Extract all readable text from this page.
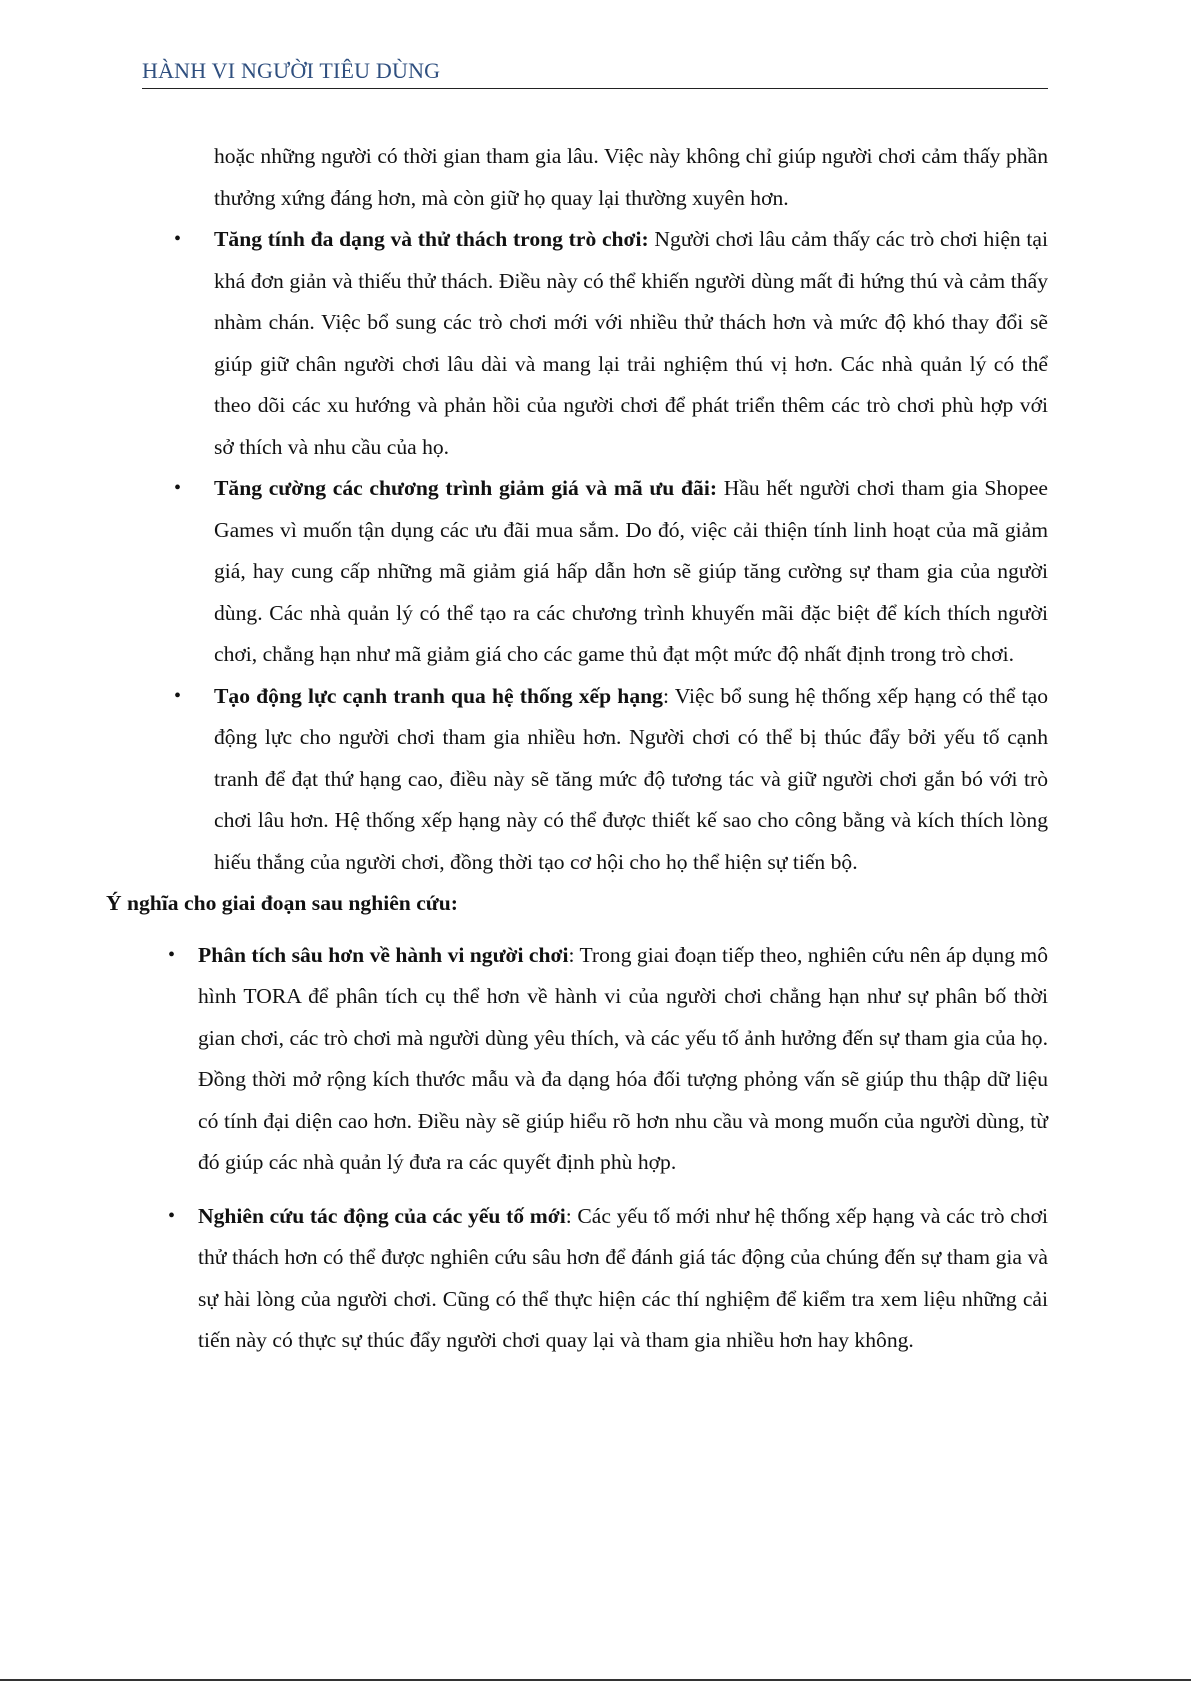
HÀNH VI NGƯỜI TIÊU DÙNG

hoặc những người có thời gian tham gia lâu. Việc này không chỉ giúp người chơi cảm thấy phần thưởng xứng đáng hơn, mà còn giữ họ quay lại thường xuyên hơn.

• Tăng tính đa dạng và thử thách trong trò chơi: Người chơi lâu cảm thấy các trò chơi hiện tại khá đơn giản và thiếu thử thách. Điều này có thể khiến người dùng mất đi hứng thú và cảm thấy nhàm chán. Việc bổ sung các trò chơi mới với nhiều thử thách hơn và mức độ khó thay đổi sẽ giúp giữ chân người chơi lâu dài và mang lại trải nghiệm thú vị hơn. Các nhà quản lý có thể theo dõi các xu hướng và phản hồi của người chơi để phát triển thêm các trò chơi phù hợp với sở thích và nhu cầu của họ.
• Tăng cường các chương trình giảm giá và mã ưu đãi: Hầu hết người chơi tham gia Shopee Games vì muốn tận dụng các ưu đãi mua sắm. Do đó, việc cải thiện tính linh hoạt của mã giảm giá, hay cung cấp những mã giảm giá hấp dẫn hơn sẽ giúp tăng cường sự tham gia của người dùng. Các nhà quản lý có thể tạo ra các chương trình khuyến mãi đặc biệt để kích thích người chơi, chẳng hạn như mã giảm giá cho các game thủ đạt một mức độ nhất định trong trò chơi.
• Tạo động lực cạnh tranh qua hệ thống xếp hạng: Việc bổ sung hệ thống xếp hạng có thể tạo động lực cho người chơi tham gia nhiều hơn. Người chơi có thể bị thúc đẩy bởi yếu tố cạnh tranh để đạt thứ hạng cao, điều này sẽ tăng mức độ tương tác và giữ người chơi gắn bó với trò chơi lâu hơn. Hệ thống xếp hạng này có thể được thiết kế sao cho công bằng và kích thích lòng hiếu thắng của người chơi, đồng thời tạo cơ hội cho họ thể hiện sự tiến bộ.

Ý nghĩa cho giai đoạn sau nghiên cứu:

• Phân tích sâu hơn về hành vi người chơi: Trong giai đoạn tiếp theo, nghiên cứu nên áp dụng mô hình TORA để phân tích cụ thể hơn về hành vi của người chơi chẳng hạn như sự phân bố thời gian chơi, các trò chơi mà người dùng yêu thích, và các yếu tố ảnh hưởng đến sự tham gia của họ. Đồng thời mở rộng kích thước mẫu và đa dạng hóa đối tượng phỏng vấn sẽ giúp thu thập dữ liệu có tính đại diện cao hơn. Điều này sẽ giúp hiểu rõ hơn nhu cầu và mong muốn của người dùng, từ đó giúp các nhà quản lý đưa ra các quyết định phù hợp.
• Nghiên cứu tác động của các yếu tố mới: Các yếu tố mới như hệ thống xếp hạng và các trò chơi thử thách hơn có thể được nghiên cứu sâu hơn để đánh giá tác động của chúng đến sự tham gia và sự hài lòng của người chơi. Cũng có thể thực hiện các thí nghiệm để kiểm tra xem liệu những cải tiến này có thực sự thúc đẩy người chơi quay lại và tham gia nhiều hơn hay không.
